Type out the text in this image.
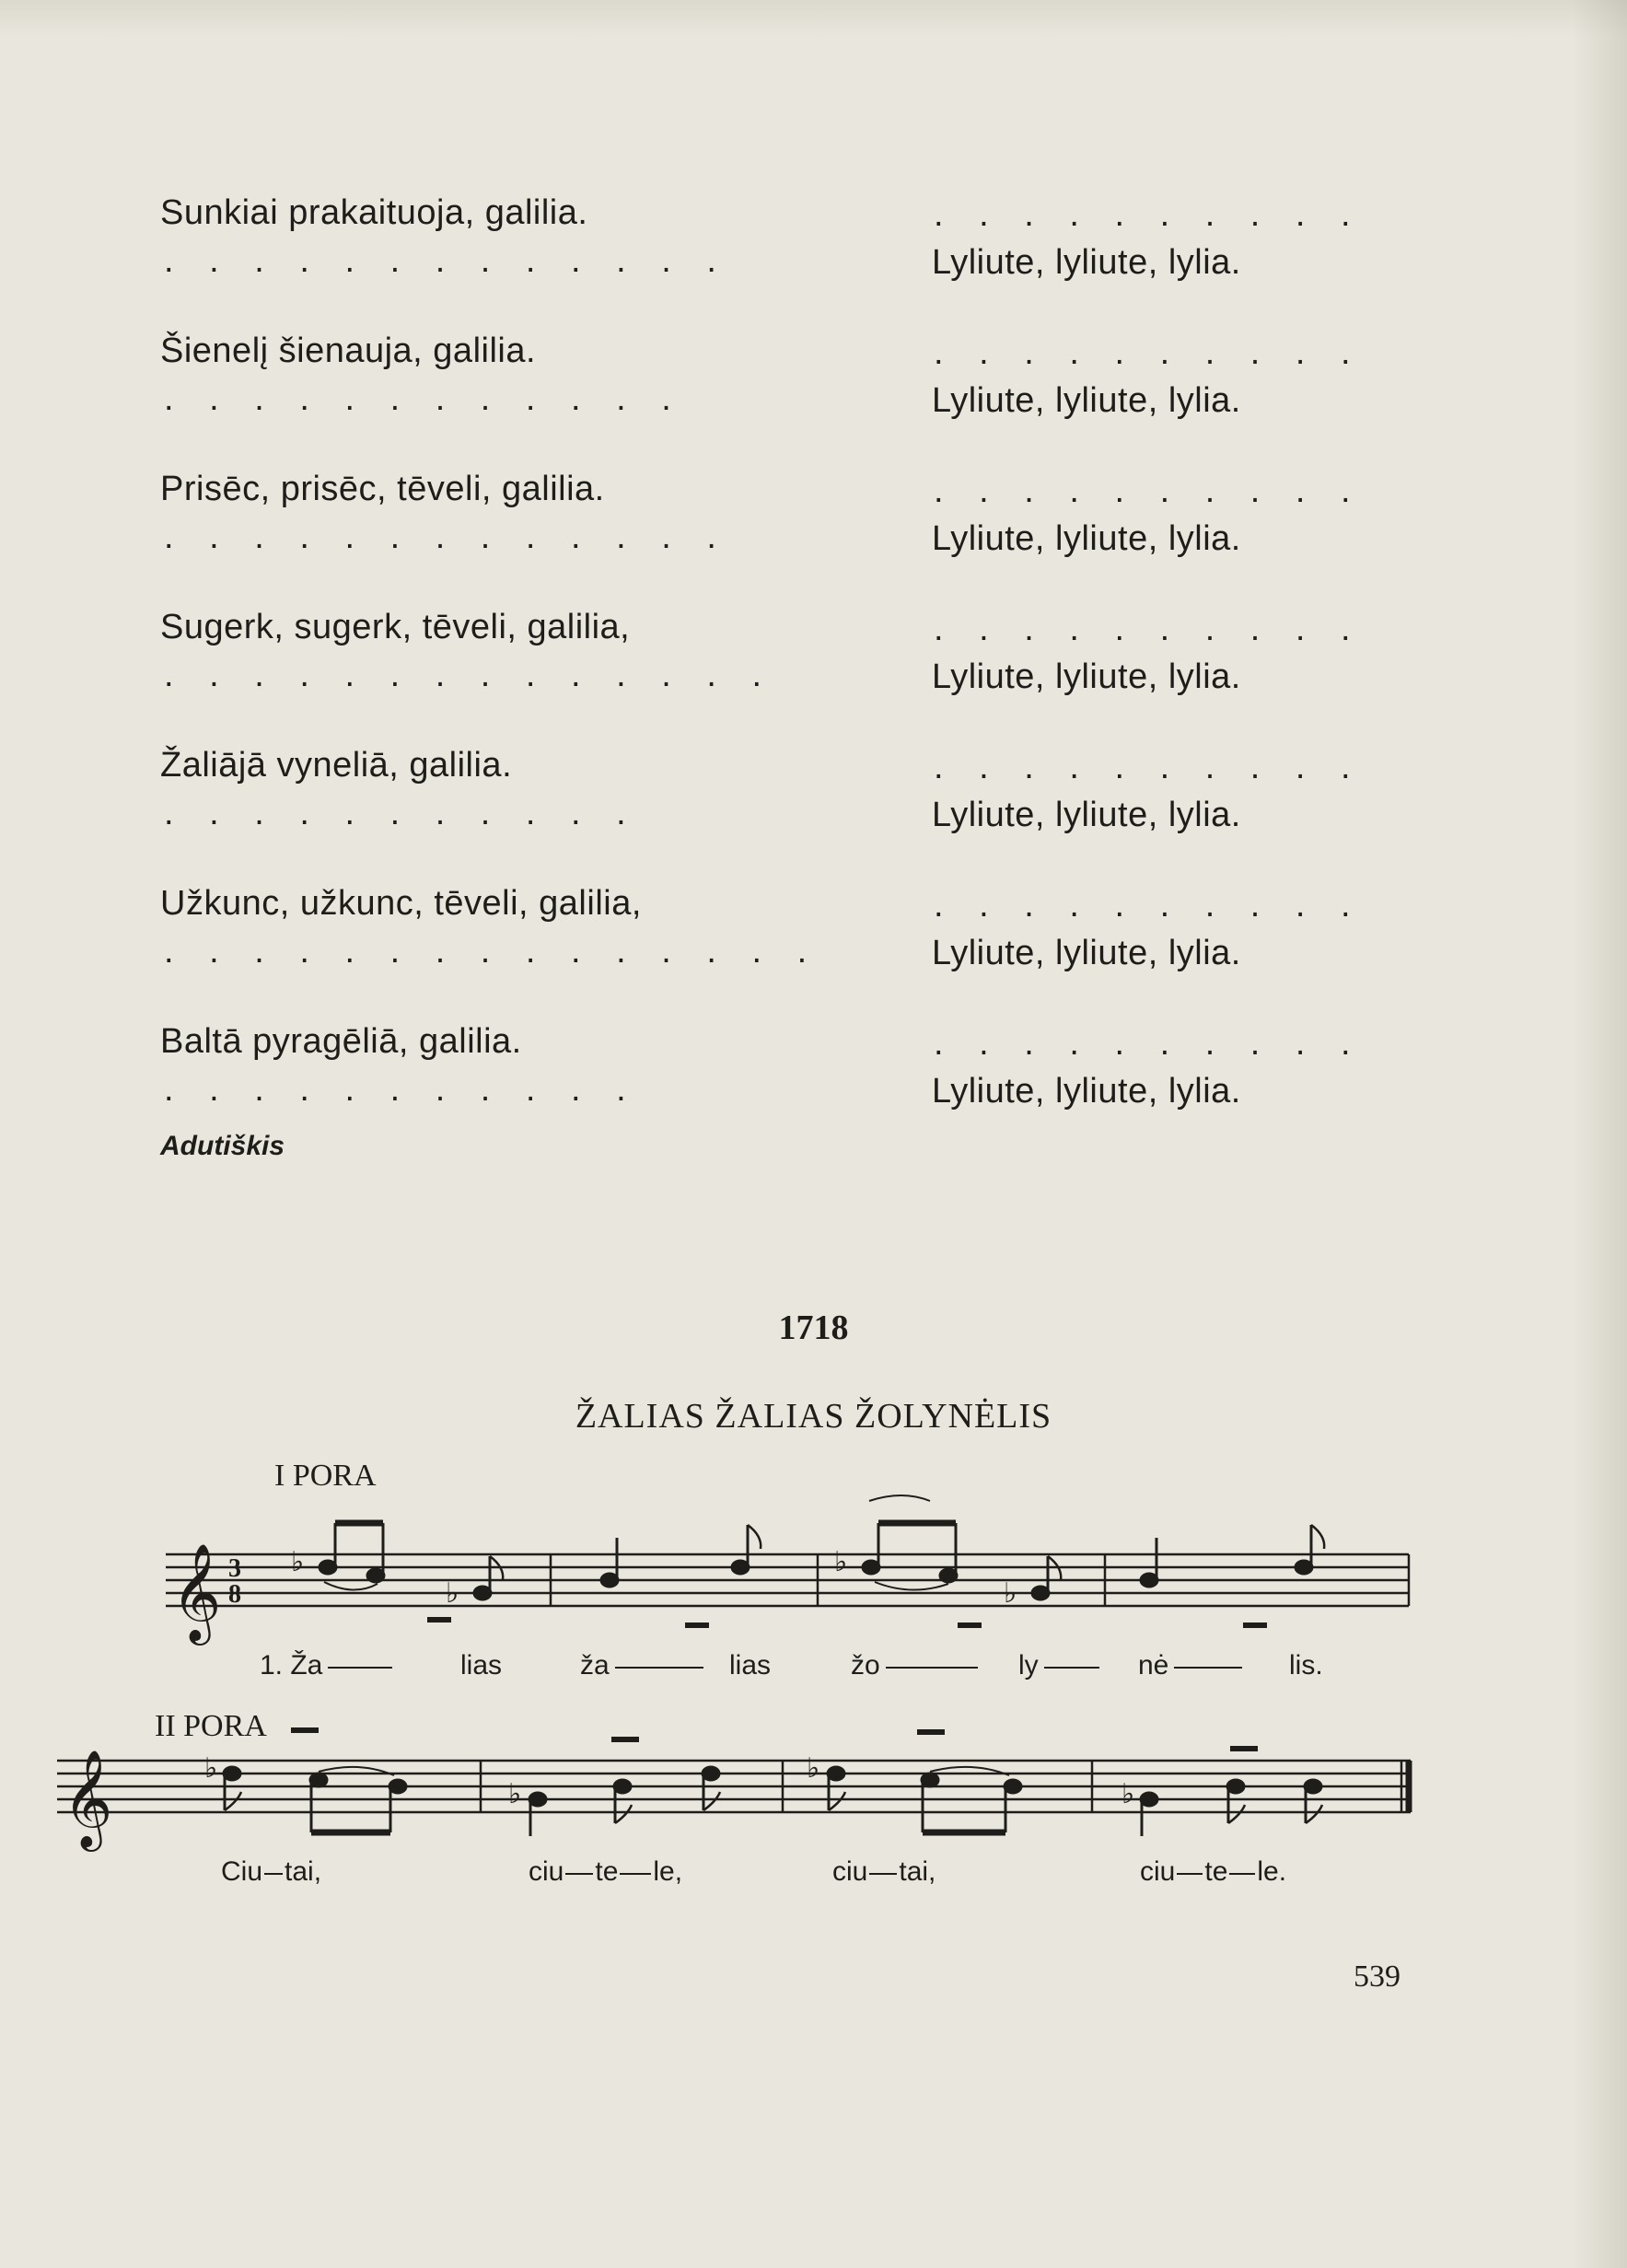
Sunkiai prakaituoja, galilia.	. . . . . . . . . .
. . . . . . . . . . . . .	Lyliute, lyliute, lylia.
Šienelį šienauja, galilia.	. . . . . . . . . .
. . . . . . . . . . . .	Lyliute, lyliute, lylia.
Prisēc, prisēc, tēveli, galilia.	. . . . . . . . . .
. . . . . . . . . . . . .	Lyliute, lyliute, lylia.
Sugerk, sugerk, tēveli, galilia,	. . . . . . . . . .
. . . . . . . . . . . . . .	Lyliute, lyliute, lylia.
Žaliājā vyneliā, galilia.	. . . . . . . . . .
. . . . . . . . . . .	Lyliute, lyliute, lylia.
Užkunc, užkunc, tēveli, galilia,	. . . . . . . . . .
. . . . . . . . . . . . . . .	Lyliute, lyliute, lylia.
Baltā pyragēliā, galilia.	. . . . . . . . . .
. . . . . . . . . . .	Lyliute, lyliute, lylia.
Adutiškis
1718
ŽALIAS ŽALIAS ŽOLYNĖLIS
I PORA
𝄞 3
8
♭
♭
♭
♭
1. Ža	lias	ža	lias	žo	ly	nė	lis.
II PORA
𝄞	♭
♭
♭
♭
Ciu tai,	ciu te le,	ciu tai,	ciu te le.
539
